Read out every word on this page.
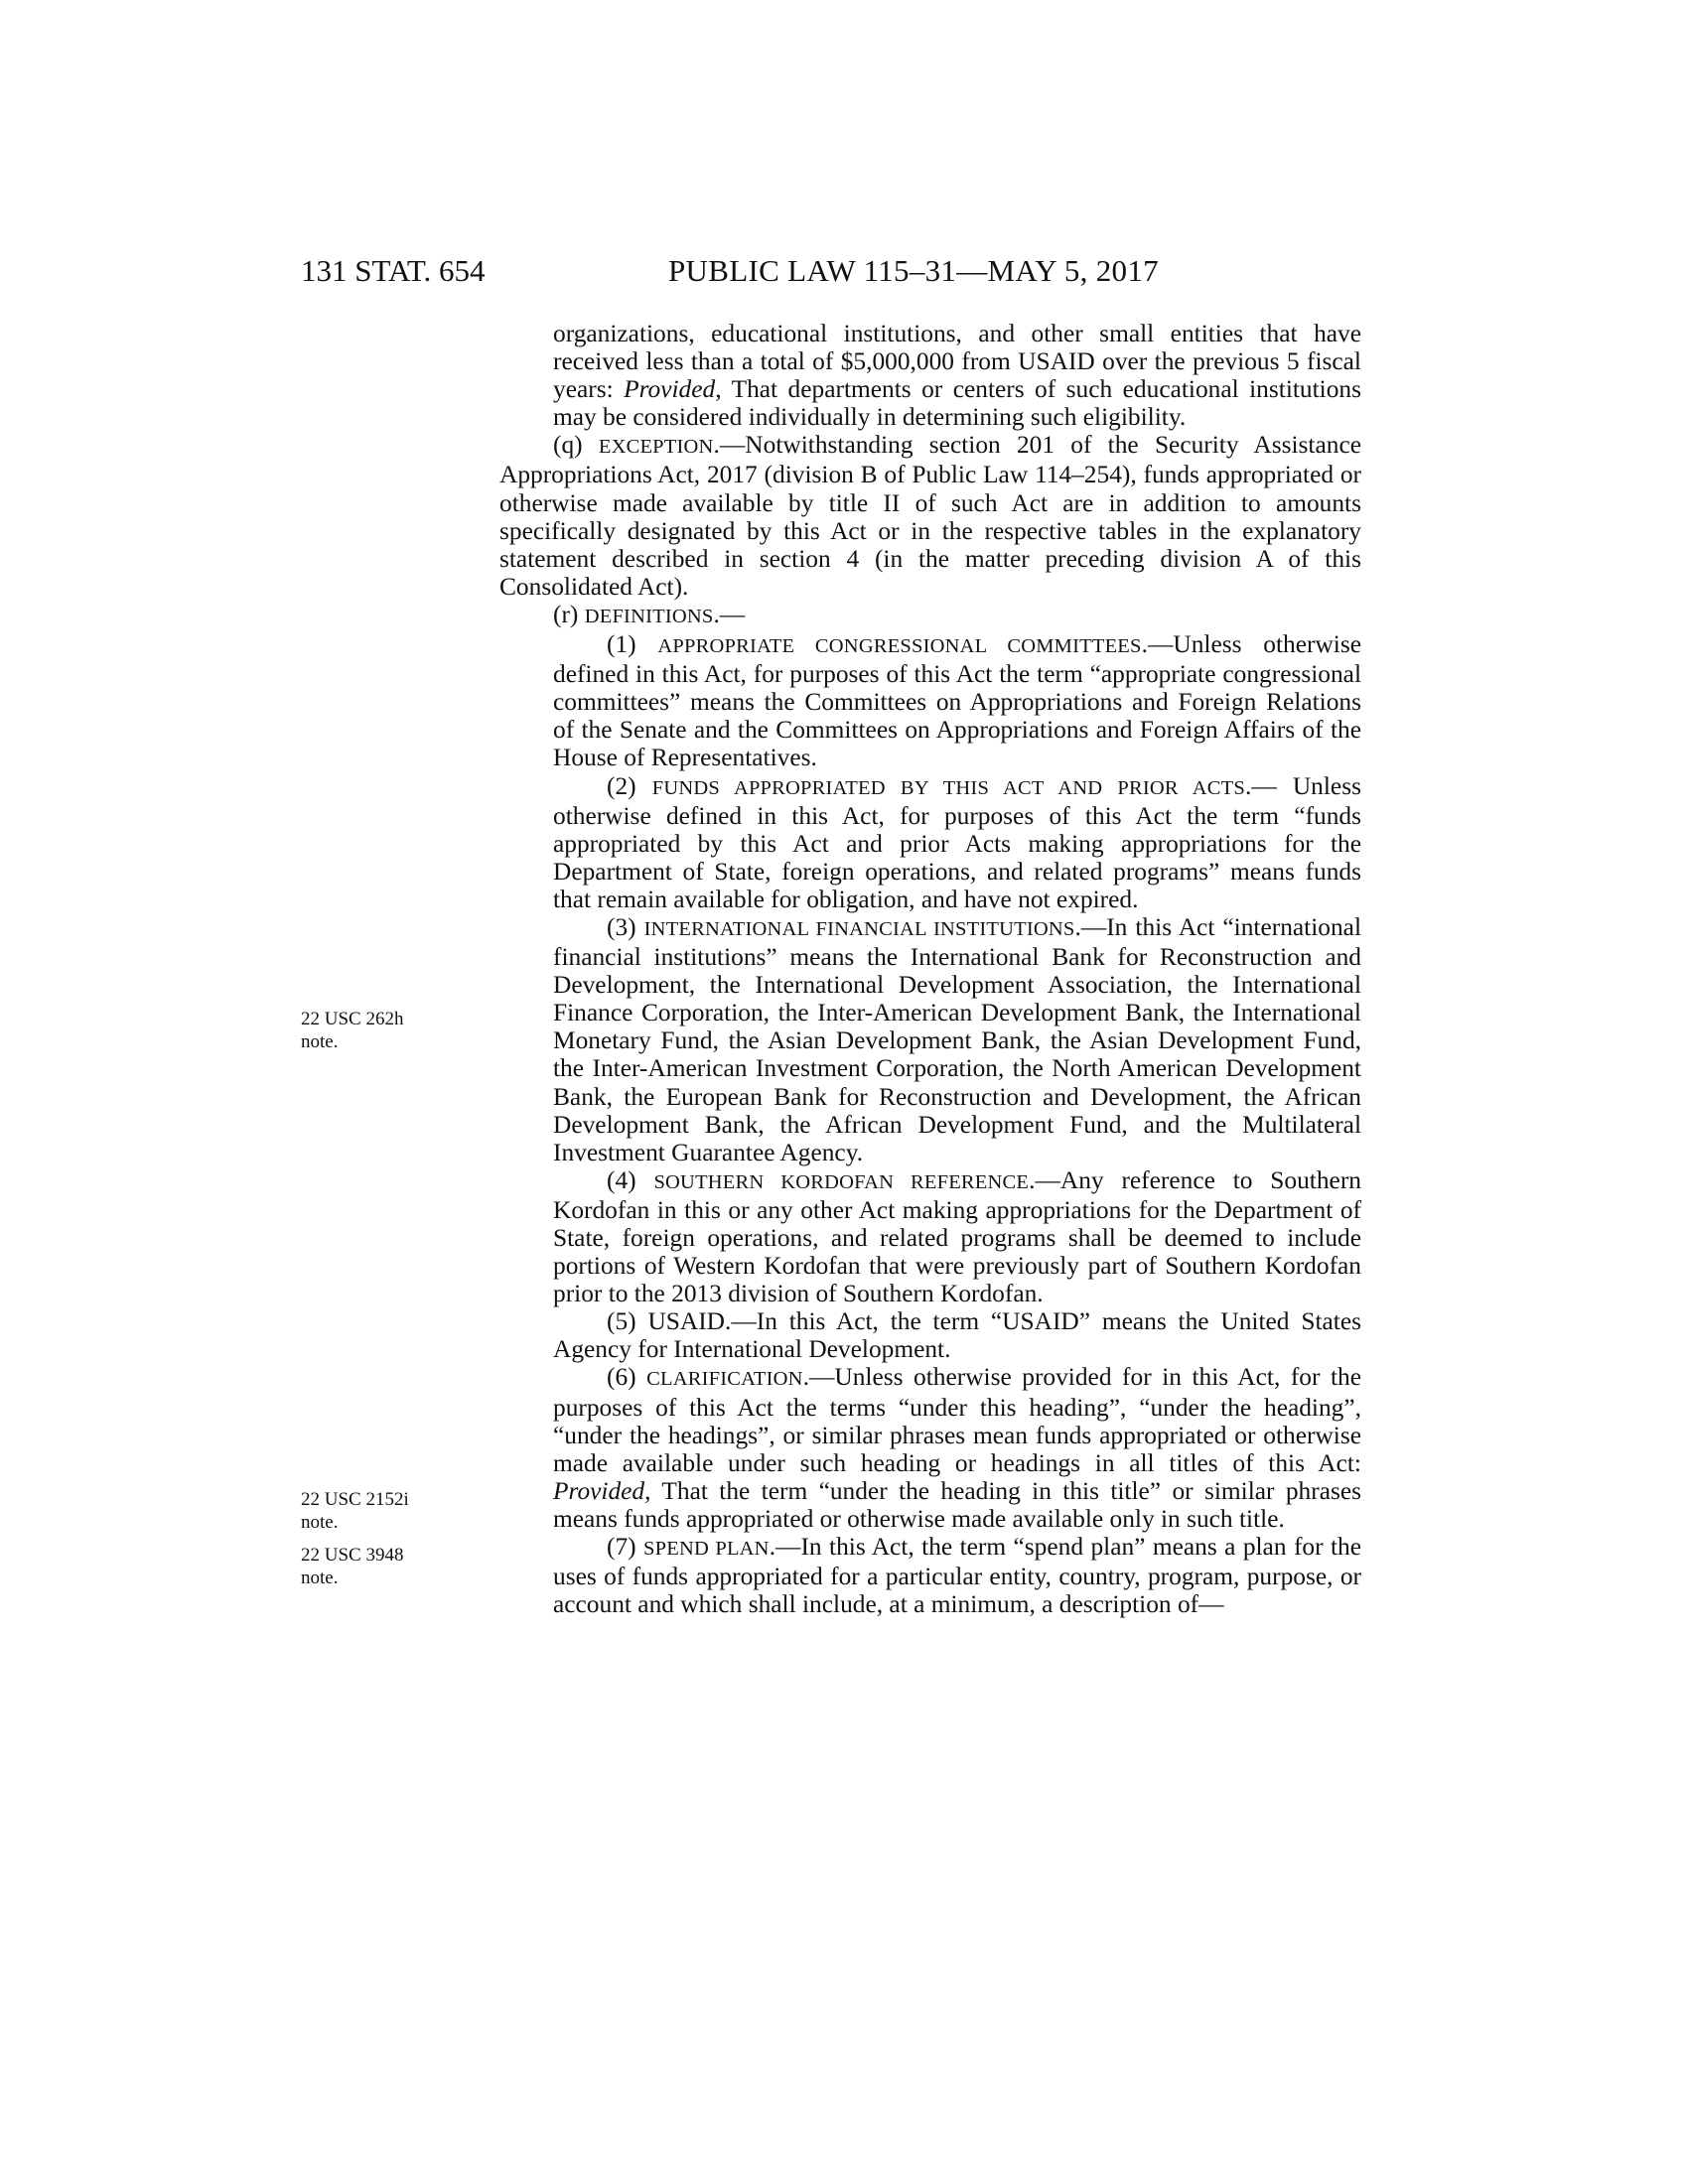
131 STAT. 654	PUBLIC LAW 115–31—MAY 5, 2017
22 USC 262h
note.
22 USC 2152i
note.
22 USC 3948
note.

organizations, educational institutions, and other small entities that have received less than a total of $5,000,000 from USAID over the previous 5 fiscal years: Provided, That departments or centers of such educational institutions may be considered individually in determining such eligibility.

(q) EXCEPTION.—Notwithstanding section 201 of the Security Assistance Appropriations Act, 2017 (division B of Public Law 114–254), funds appropriated or otherwise made available by title II of such Act are in addition to amounts specifically designated by this Act or in the respective tables in the explanatory statement described in section 4 (in the matter preceding division A of this Consolidated Act).

(r) DEFINITIONS.—

(1) APPROPRIATE CONGRESSIONAL COMMITTEES.—Unless otherwise defined in this Act, for purposes of this Act the term “appropriate congressional committees” means the Committees on Appropriations and Foreign Relations of the Senate and the Committees on Appropriations and Foreign Affairs of the House of Representatives.

(2) FUNDS APPROPRIATED BY THIS ACT AND PRIOR ACTS.— Unless otherwise defined in this Act, for purposes of this Act the term “funds appropriated by this Act and prior Acts making appropriations for the Department of State, foreign operations, and related programs” means funds that remain available for obligation, and have not expired.

(3) INTERNATIONAL FINANCIAL INSTITUTIONS.—In this Act “international financial institutions” means the International Bank for Reconstruction and Development, the International Development Association, the International Finance Corporation, the Inter-American Development Bank, the International Monetary Fund, the Asian Development Bank, the Asian Development Fund, the Inter-American Investment Corporation, the North American Development Bank, the European Bank for Reconstruction and Development, the African Development Bank, the African Development Fund, and the Multilateral Investment Guarantee Agency.

(4) SOUTHERN KORDOFAN REFERENCE.—Any reference to Southern Kordofan in this or any other Act making appropriations for the Department of State, foreign operations, and related programs shall be deemed to include portions of Western Kordofan that were previously part of Southern Kordofan prior to the 2013 division of Southern Kordofan.

(5) USAID.—In this Act, the term “USAID” means the United States Agency for International Development.

(6) CLARIFICATION.—Unless otherwise provided for in this Act, for the purposes of this Act the terms “under this heading”, “under the heading”, “under the headings”, or similar phrases mean funds appropriated or otherwise made available under such heading or headings in all titles of this Act: Provided, That the term “under the heading in this title” or similar phrases means funds appropriated or otherwise made available only in such title.

(7) SPEND PLAN.—In this Act, the term “spend plan” means a plan for the uses of funds appropriated for a particular entity, country, program, purpose, or account and which shall include, at a minimum, a description of—
